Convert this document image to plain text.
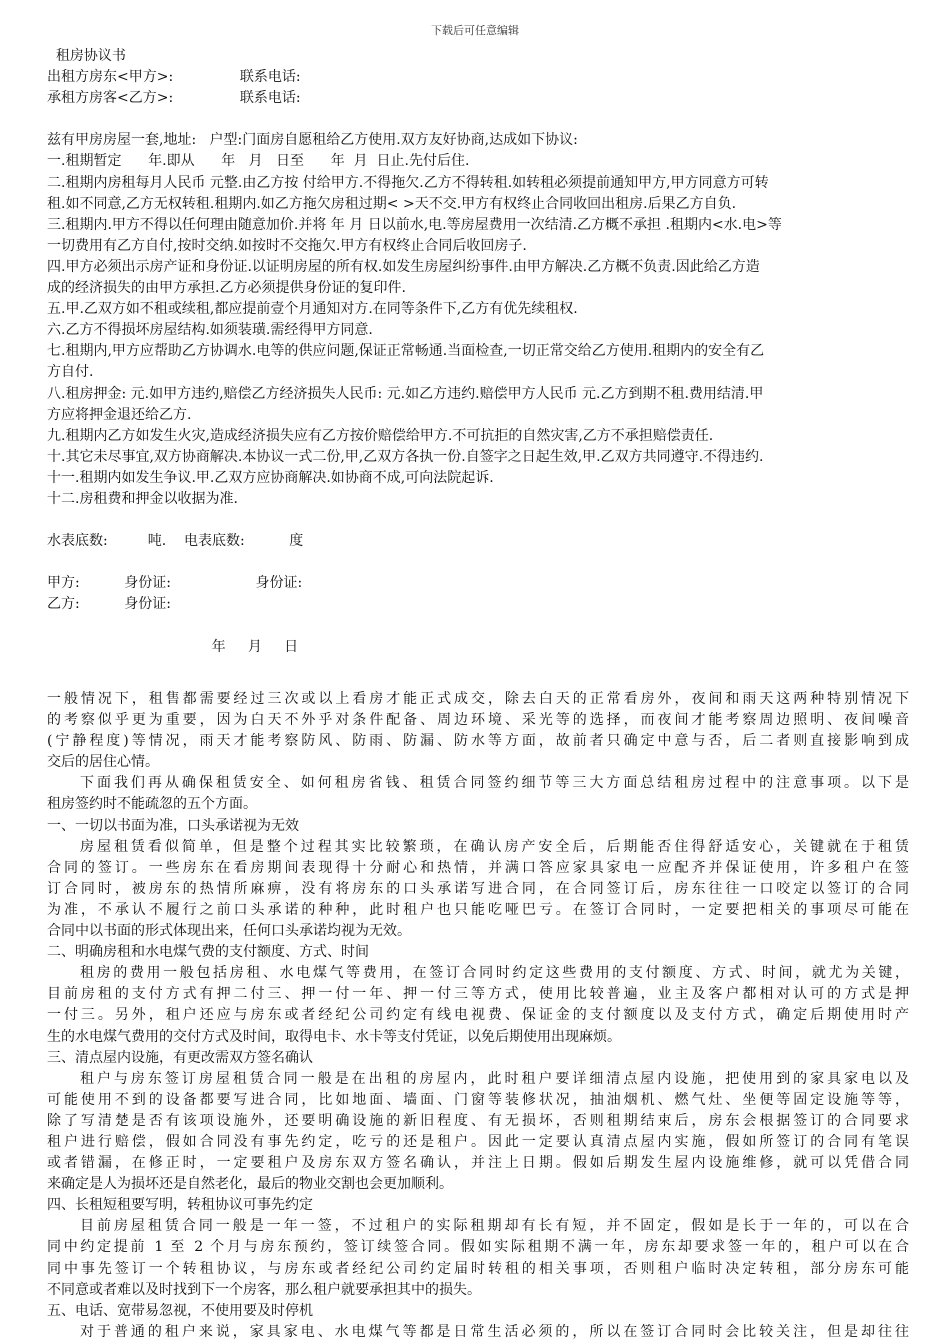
下载后可任意编辑
租房协议书
出租方房东<甲方>:               联系电话:
承租方房客<乙方>:               联系电话:
兹有甲房房屋一套,地址:   户型:门面房自愿租给乙方使用.双方友好协商,达成如下协议:
一.租期暂定      年.即从      年   月   日至      年  月  日止.先付后住.
二.租期内房租每月人民币 元整.由乙方按 付给甲方.不得拖欠.乙方不得转租.如转租必须提前通知甲方,甲方同意方可转
租.如不同意,乙方无权转租.租期内.如乙方拖欠房租过期< >天不交.甲方有权终止合同收回出租房.后果乙方自负.
三.租期内.甲方不得以任何理由随意加价.并将 年 月 日以前水,电.等房屋费用一次结清.乙方概不承担 .租期内<水.电>等
一切费用有乙方自付,按时交纳.如按时不交拖欠.甲方有权终止合同后收回房子.
四.甲方必须出示房产证和身份证.以证明房屋的所有权.如发生房屋纠纷事件.由甲方解决.乙方概不负责.因此给乙方造
成的经济损失的由甲方承担.乙方必须提供身份证的复印件.
五.甲.乙双方如不租或续租,都应提前壹个月通知对方.在同等条件下,乙方有优先续租权.
六.乙方不得损坏房屋结构.如须装璜.需经得甲方同意.
七.租期内,甲方应帮助乙方协调水.电等的供应问题,保证正常畅通.当面检查,一切正常交给乙方使用.租期内的安全有乙
方自付.
八.租房押金: 元.如甲方违约,赔偿乙方经济损失人民币: 元.如乙方违约.赔偿甲方人民币 元.乙方到期不租.费用结清.甲
方应将押金退还给乙方.
九.租期内乙方如发生火灾,造成经济损失应有乙方按价赔偿给甲方.不可抗拒的自然灾害,乙方不承担赔偿责任.
十.其它未尽事宜,双方协商解决.本协议一式二份,甲,乙双方各执一份.自签字之日起生效,甲.乙双方共同遵守.不得违约.
十一.租期内如发生争议.甲.乙双方应协商解决.如协商不成,可向法院起诉.
十二.房租费和押金以收据为准.
水表底数:         吨.    电表底数:          度
甲方:          身份证:                   身份证:
乙方:          身份证:
年     月     日
一般情况下，租售都需要经过三次或以上看房才能正式成交，除去白天的正常看房外，夜间和雨天这两种特别情况下
的考察似乎更为重要，因为白天不外乎对条件配备、周边环境、采光等的选择，而夜间才能考察周边照明、夜间噪音
(宁静程度)等情况，雨天才能考察防风、防雨、防漏、防水等方面，故前者只确定中意与否，后二者则直接影响到成
交后的居住心情。
下面我们再从确保租赁安全、如何租房省钱、租赁合同签约细节等三大方面总结租房过程中的注意事项。以下是
租房签约时不能疏忽的五个方面。
一、一切以书面为准，口头承诺视为无效
房屋租赁看似简单，但是整个过程其实比较繁琐，在确认房产安全后，后期能否住得舒适安心，关键就在于租赁
合同的签订。一些房东在看房期间表现得十分耐心和热情，并满口答应家具家电一应配齐并保证使用，许多租户在签
订合同时，被房东的热情所麻痹，没有将房东的口头承诺写进合同，在合同签订后，房东往往一口咬定以签订的合同
为准，不承认不履行之前口头承诺的种种，此时租户也只能吃哑巴亏。在签订合同时，一定要把相关的事项尽可能在
合同中以书面的形式体现出来，任何口头承诺均视为无效。
二、明确房租和水电煤气费的支付额度、方式、时间
租房的费用一般包括房租、水电煤气等费用，在签订合同时约定这些费用的支付额度、方式、时间，就尤为关键，
目前房租的支付方式有押二付三、押一付一年、押一付三等方式，使用比较普遍，业主及客户都相对认可的方式是押
一付三。另外，租户还应与房东或者经纪公司约定有线电视费、保证金的支付额度以及支付方式，确定后期使用时产
生的水电煤气费用的交付方式及时间，取得电卡、水卡等支付凭证，以免后期使用出现麻烦。
三、清点屋内设施，有更改需双方签名确认
租户与房东签订房屋租赁合同一般是在出租的房屋内，此时租户要详细清点屋内设施，把使用到的家具家电以及
可能使用不到的设备都要写进合同，比如地面、墙面、门窗等装修状况，抽油烟机、燃气灶、坐便等固定设施等等，
除了写清楚是否有该项设施外，还要明确设施的新旧程度、有无损坏，否则租期结束后，房东会根据签订的合同要求
租户进行赔偿，假如合同没有事先约定，吃亏的还是租户。因此一定要认真清点屋内实施，假如所签订的合同有笔误
或者错漏，在修正时，一定要租户及房东双方签名确认，并注上日期。假如后期发生屋内设施维修，就可以凭借合同
来确定是人为损坏还是自然老化，最后的物业交割也会更加顺利。
四、长租短租要写明，转租协议可事先约定
目前房屋租赁合同一般是一年一签，不过租户的实际租期却有长有短，并不固定，假如是长于一年的，可以在合
同中约定提前 1 至 2 个月与房东预约，签订续签合同。假如实际租期不满一年，房东却要求签一年的，租户可以在合
同中事先签订一个转租协议，与房东或者经纪公司约定届时转租的相关事项，否则租户临时决定转租，部分房东可能
不同意或者难以及时找到下一个房客，那么租户就要承担其中的损失。
五、电话、宽带易忽视，不使用要及时停机
对于普通的租户来说，家具家电、水电煤气等都是日常生活必须的，所以在签订合同时会比较关注，但是却往往
